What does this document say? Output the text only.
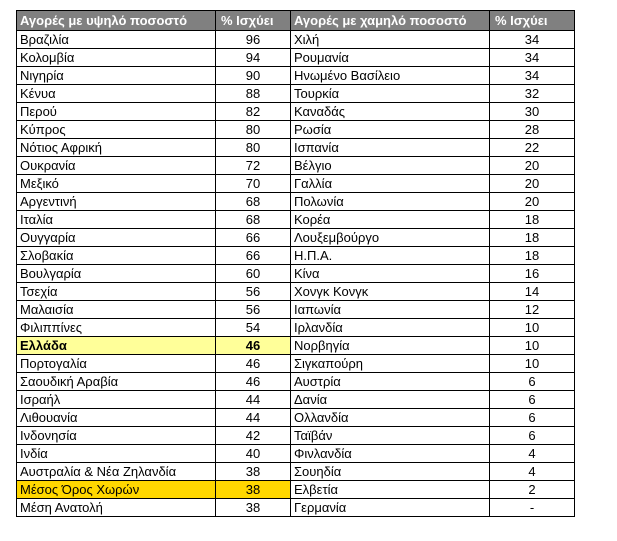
Αγορές με υψηλό ποσοστό	% Ισχύει	Αγορές με χαμηλό ποσοστό	% Ισχύει
Βραζιλία	96	Χιλή	34
Κολομβία	94	Ρουμανία	34
Νιγηρία	90	Ηνωμένο Βασίλειο	34
Κένυα	88	Τουρκία	32
Περού	82	Καναδάς	30
Κύπρος	80	Ρωσία	28
Νότιος Αφρική	80	Ισπανία	22
Ουκρανία	72	Βέλγιο	20
Μεξικό	70	Γαλλία	20
Αργεντινή	68	Πολωνία	20
Ιταλία	68	Κορέα	18
Ουγγαρία	66	Λουξεμβούργο	18
Σλοβακία	66	Η.Π.Α.	18
Βουλγαρία	60	Κίνα	16
Τσεχία	56	Χονγκ Κονγκ	14
Μαλαισία	56	Ιαπωνία	12
Φιλιππίνες	54	Ιρλανδία	10
Ελλάδα	46	Νορβηγία	10
Πορτογαλία	46	Σιγκαπούρη	10
Σαουδική Αραβία	46	Αυστρία	6
Ισραήλ	44	Δανία	6
Λιθουανία	44	Ολλανδία	6
Ινδονησία	42	Ταϊβάν	6
Ινδία	40	Φινλανδία	4
Αυστραλία & Νέα Ζηλανδία	38	Σουηδία	4
Μέσος Όρος Χωρών	38	Ελβετία	2
Μέση Ανατολή	38	Γερμανία	-
